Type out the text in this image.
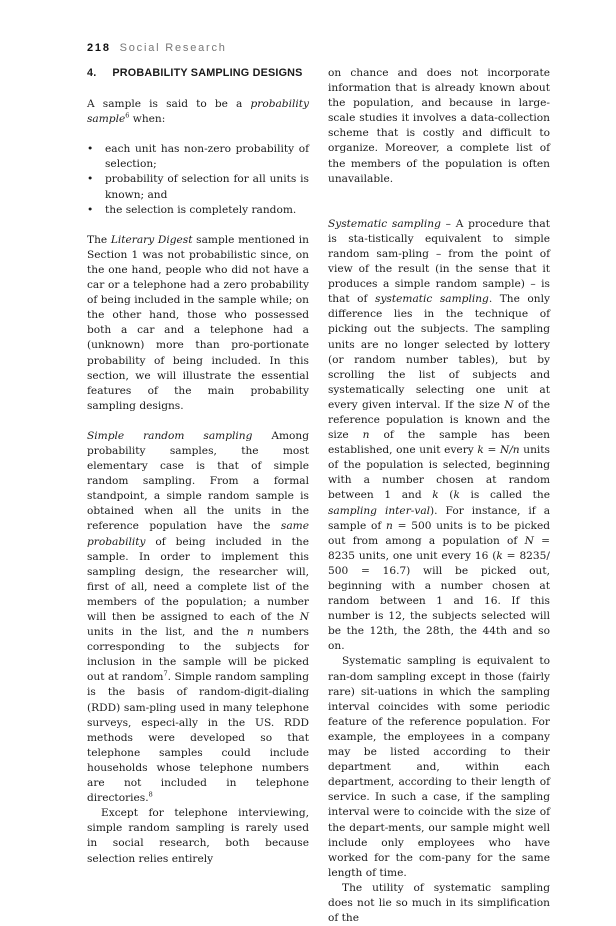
218 Social Research
4. PROBABILITY SAMPLING DESIGNS

A sample is said to be a probability sample$^6$ when:

• each unit has non-zero probability of selection;
• probability of selection for all units is known; and
• the selection is completely random.

The Literary Digest sample mentioned in Section 1 was not probabilistic since, on the one hand, people who did not have a car or a telephone had a zero probability of being included in the sample while; on the other hand, those who possessed both a car and a telephone had a (unknown) more than pro-portionate probability of being included. In this section, we will illustrate the essential features of the main probability sampling designs.

Simple random sampling Among probability samples, the most elementary case is that of simple random sampling. From a formal standpoint, a simple random sample is obtained when all the units in the reference population have the same probability of being included in the sample. In order to implement this sampling design, the researcher will, first of all, need a complete list of the members of the population; a number will then be assigned to each of the N units in the list, and the n numbers corresponding to the subjects for inclusion in the sample will be picked out at random$^7$. Simple random sampling is the basis of random-digit-dialing (RDD) sam-pling used in many telephone surveys, especi-ally in the US. RDD methods were developed so that telephone samples could include households whose telephone numbers are not included in telephone directories.$^8$

Except for telephone interviewing, simple random sampling is rarely used in social research, both because selection relies entirely

on chance and does not incorporate information that is already known about the population, and because in large-scale studies it involves a data-collection scheme that is costly and difficult to organize. Moreover, a complete list of the members of the population is often unavailable.

Systematic sampling – A procedure that is sta-tistically equivalent to simple random sam-pling – from the point of view of the result (in the sense that it produces a simple random sample) – is that of systematic sampling. The only difference lies in the technique of picking out the subjects. The sampling units are no longer selected by lottery (or random number tables), but by scrolling the list of subjects and systematically selecting one unit at every given interval. If the size N of the reference population is known and the size n of the sample has been established, one unit every k = N/n units of the population is selected, beginning with a number chosen at random between 1 and k (k is called the sampling inter-val). For instance, if a sample of n = 500 units is to be picked out from among a population of N = 8235 units, one unit every 16 (k = 8235/ 500 = 16.7) will be picked out, beginning with a number chosen at random between 1 and 16. If this number is 12, the subjects selected will be the 12th, the 28th, the 44th and so on.

Systematic sampling is equivalent to ran-dom sampling except in those (fairly rare) sit-uations in which the sampling interval coincides with some periodic feature of the reference population. For example, the employees in a company may be listed according to their department and, within each department, according to their length of service. In such a case, if the sampling interval were to coincide with the size of the depart-ments, our sample might well include only employees who have worked for the com-pany for the same length of time.

The utility of systematic sampling does not lie so much in its simplification of the
